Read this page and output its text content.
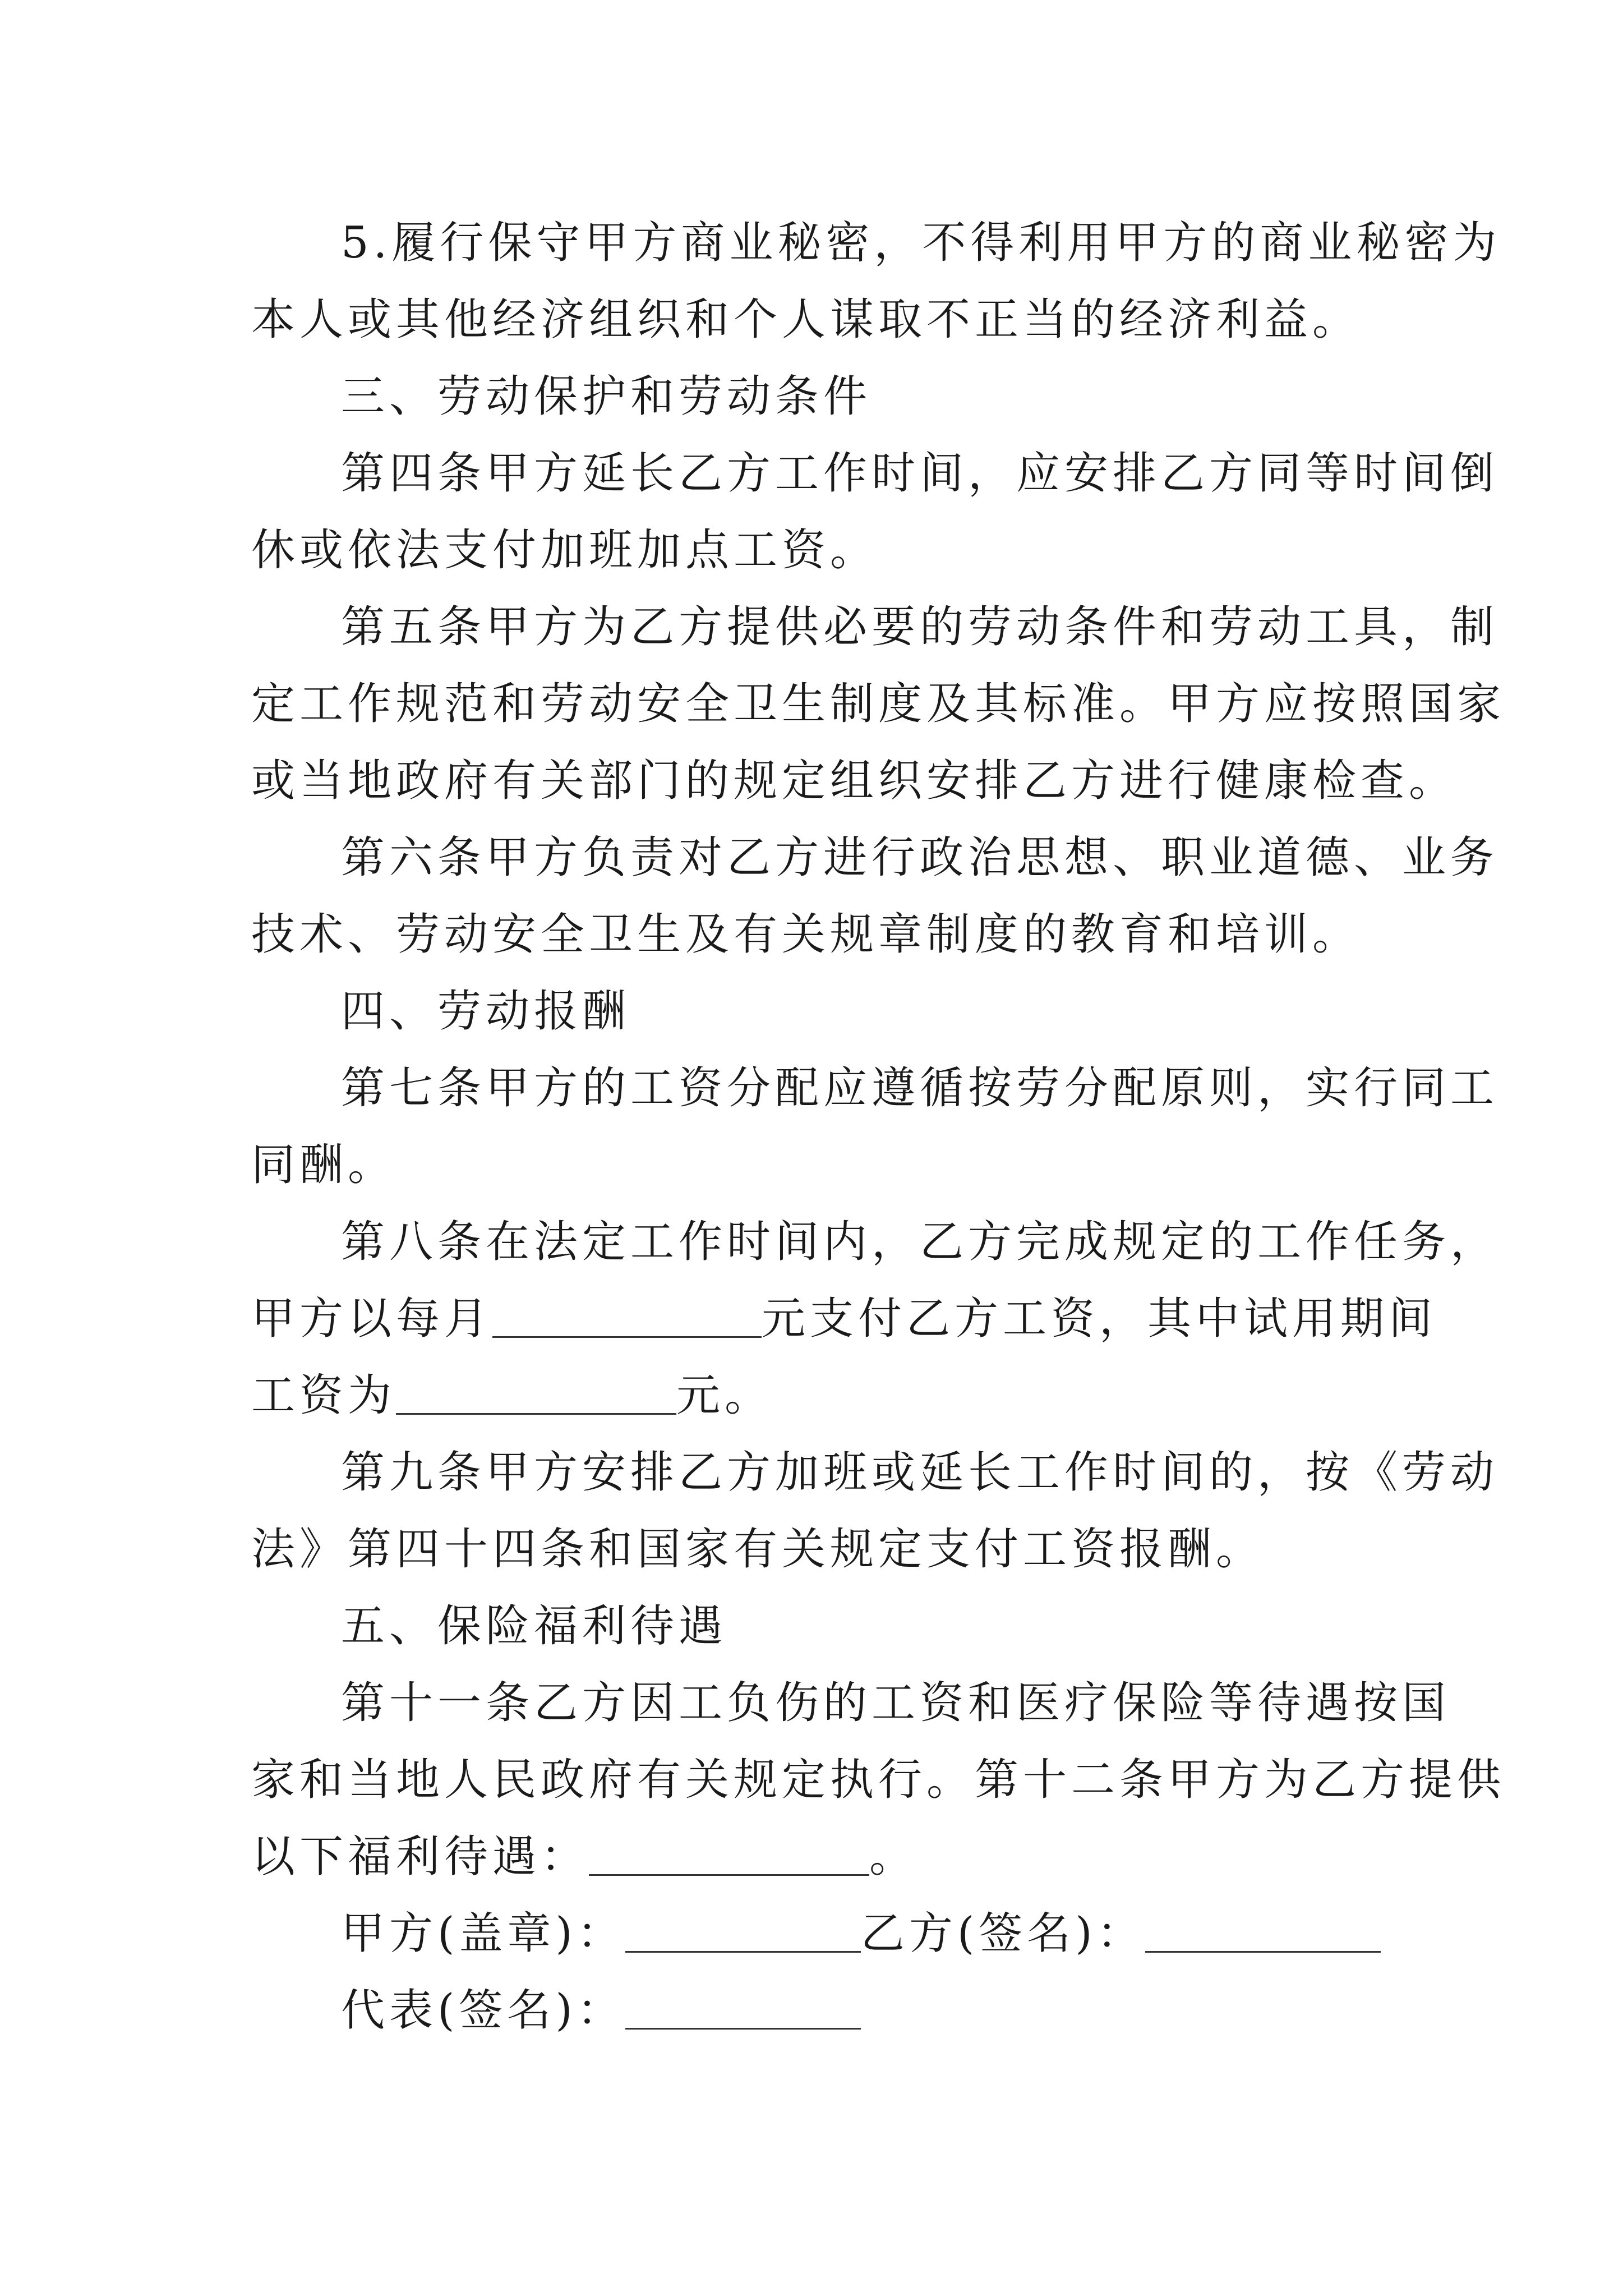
5.履行保守甲方商业秘密，不得利用甲方的商业秘密为
本人或其他经济组织和个人谋取不正当的经济利益。
三、劳动保护和劳动条件
第四条甲方延长乙方工作时间，应安排乙方同等时间倒
休或依法支付加班加点工资。
第五条甲方为乙方提供必要的劳动条件和劳动工具，制
定工作规范和劳动安全卫生制度及其标准。甲方应按照国家
或当地政府有关部门的规定组织安排乙方进行健康检查。
第六条甲方负责对乙方进行政治思想、职业道德、业务
技术、劳动安全卫生及有关规章制度的教育和培训。
四、劳动报酬
第七条甲方的工资分配应遵循按劳分配原则，实行同工
同酬。
第八条在法定工作时间内，乙方完成规定的工作任务，
甲方以每月	元支付乙方工资，其中试用期间
工资为	元。
第九条甲方安排乙方加班或延长工作时间的，按《劳动
法》第四十四条和国家有关规定支付工资报酬。
五、保险福利待遇
第十一条乙方因工负伤的工资和医疗保险等待遇按国
家和当地人民政府有关规定执行。第十二条甲方为乙方提供
以下福利待遇：	。
甲方(盖章)：	乙方(签名)：
代表(签名)：
